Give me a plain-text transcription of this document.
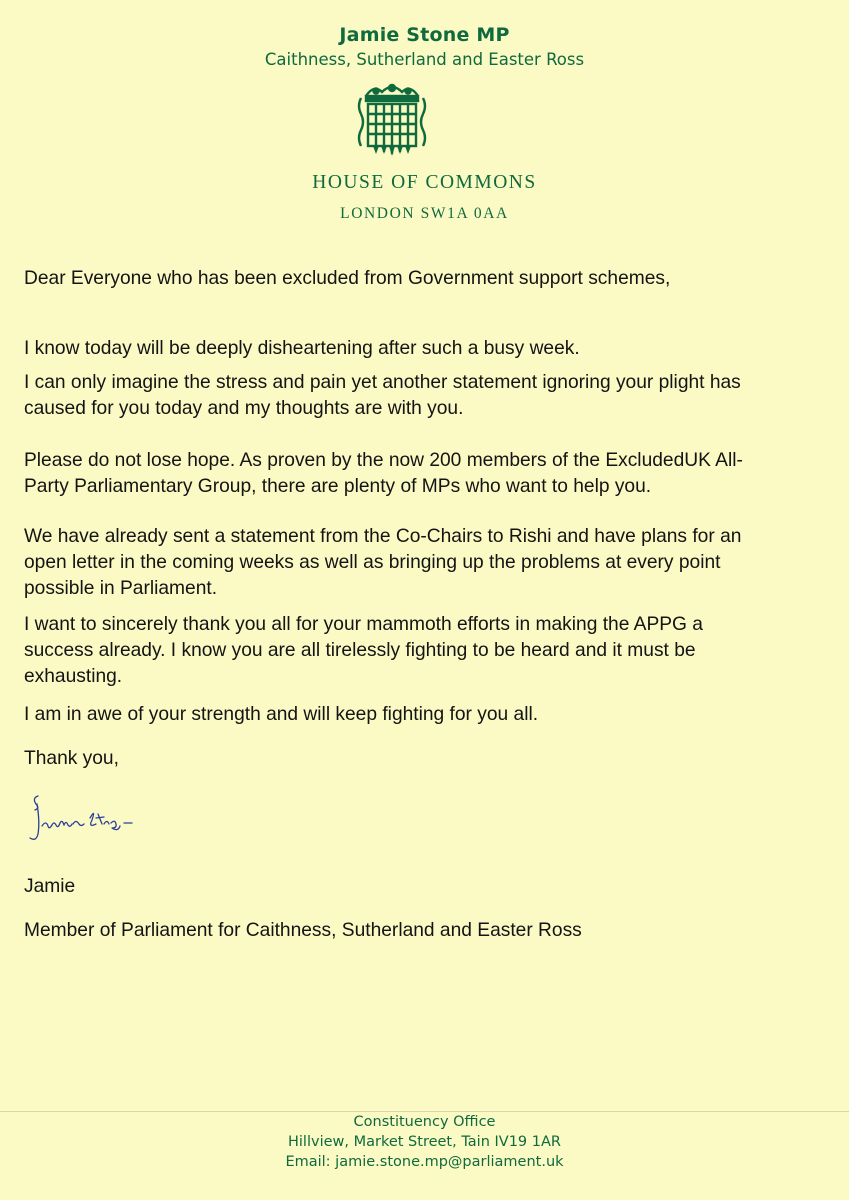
Jamie Stone MP
Caithness, Sutherland and Easter Ross
HOUSE OF COMMONS
LONDON SW1A 0AA

Dear Everyone who has been excluded from Government support schemes,

I know today will be deeply disheartening after such a busy week.

I can only imagine the stress and pain yet another statement ignoring your plight has

caused for you today and my thoughts are with you.

Please do not lose hope. As proven by the now 200 members of the ExcludedUK All-

Party Parliamentary Group, there are plenty of MPs who want to help you.

We have already sent a statement from the Co-Chairs to Rishi and have plans for an

open letter in the coming weeks as well as bringing up the problems at every point

possible in Parliament.

I want to sincerely thank you all for your mammoth efforts in making the APPG a

success already. I know you are all tirelessly fighting to be heard and it must be

exhausting.

I am in awe of your strength and will keep fighting for you all.

Thank you,

Jamie

Member of Parliament for Caithness, Sutherland and Easter Ross

Constituency Office
Hillview, Market Street, Tain IV19 1AR
Email: jamie.stone.mp@parliament.uk
